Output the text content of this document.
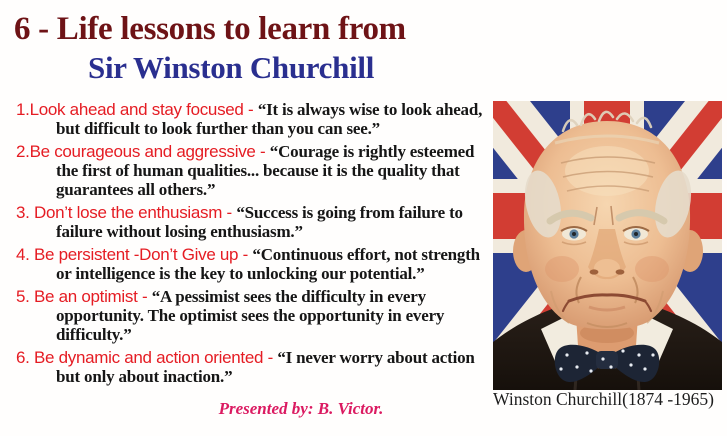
6 - Life lessons to learn from
Sir Winston Churchill
1.Look ahead and stay focused - “It is always wise to look ahead, but difficult to look further than you can see.”
2.Be courageous and aggressive - “Courage is rightly esteemed the first of human qualities... because it is the quality that guarantees all others.”
3. Don’t lose the enthusiasm - “Success is going from failure to failure without losing enthusiasm.”
4. Be persistent -Don’t Give up - “Continuous effort, not strength or intelligence is the key to unlocking our potential.”
5. Be an optimist - “A pessimist sees the difficulty in every opportunity. The optimist sees the opportunity in every difficulty.”
6. Be dynamic and action oriented - “I never worry about action but only about inaction.”
Winston Churchill(1874 -1965)
Presented by: B. Victor.
